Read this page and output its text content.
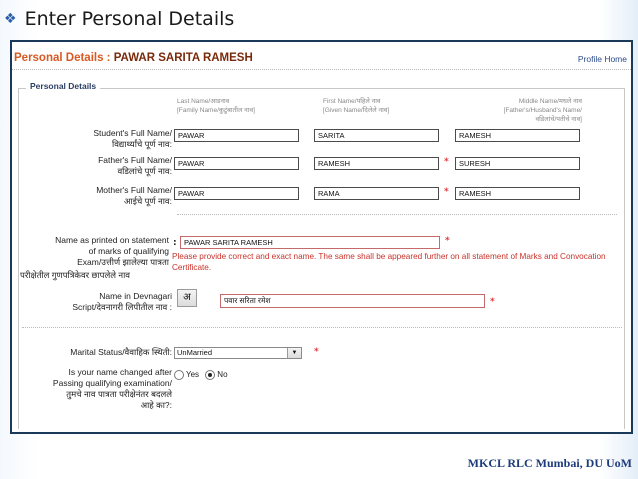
❖ Enter Personal Details
Personal Details : PAWAR SARITA RAMESH	Profile Home
Personal Details
Last Name/आडनाव
[Family Name/कुटुंबातील नाव]
First Name/पहिले नाव
[Given Name/दिलेले नाव]
Middle Name/मधले नाव
[Father's/Husband's Name/
वडिलांचे/पतीचे नाव]
Student's Full Name/
विद्यार्थ्यांचे पूर्ण नाव:
PAWAR	SARITA	RAMESH
Father's Full Name/
वडिलांचे पूर्ण नाव:
PAWAR	RAMESH	*	SURESH
Mother's Full Name/
आईचे पूर्ण नाव:
PAWAR	RAMA	*	RAMESH
Name as printed on statement
of marks of qualifying
Exam/उत्तीर्ण झालेल्या पात्रता
: PAWAR SARITA RAMESH	*
Please provide correct and exact name. The same shall be appeared further on all statement of Marks and Convocation Certificate.
परीक्षेतील गुणपत्रिकेवर छापलेले नाव
Name in Devnagari
Script/देवनागरी लिपीतील नाव :
अ	पवार सरिता रमेश	*
Marital Status/वैवाहिक स्थिती: UnMarried	▼	*
Is your name changed after
Passing qualifying examination/
तुमचे नाव पात्रता परीक्षेनंतर बदलले
आहे का?:
Yes No
MKCL RLC Mumbai, DU UoM
